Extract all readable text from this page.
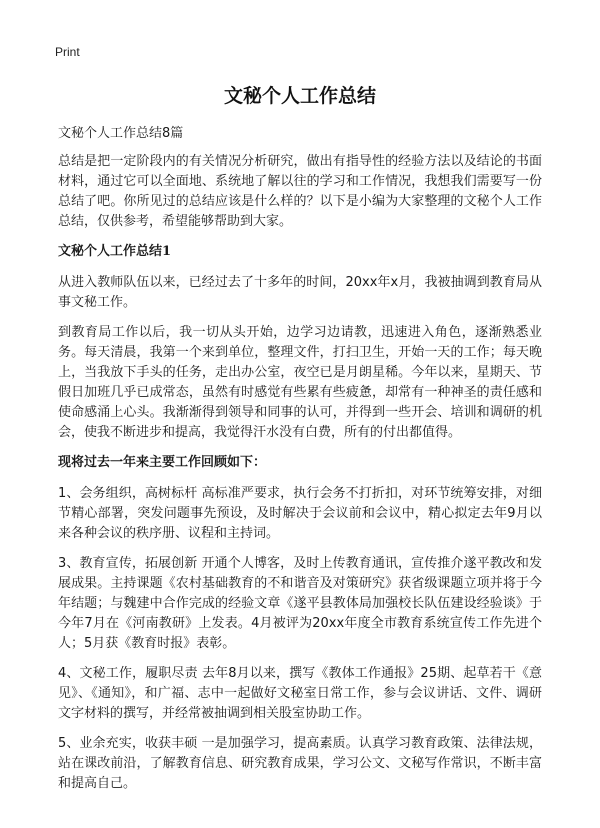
Print
文秘个人工作总结

文秘个人工作总结8篇

总结是把一定阶段内的有关情况分析研究，做出有指导性的经验方法以及结论的书面材料，通过它可以全面地、系统地了解以往的学习和工作情况，我想我们需要写一份总结了吧。你所见过的总结应该是什么样的？以下是小编为大家整理的文秘个人工作总结，仅供参考，希望能够帮助到大家。

文秘个人工作总结1

从进入教师队伍以来，已经过去了十多年的时间，20xx年x月，我被抽调到教育局从事文秘工作。

到教育局工作以后，我一切从头开始，边学习边请教，迅速进入角色，逐渐熟悉业务。每天清晨，我第一个来到单位，整理文件，打扫卫生，开始一天的工作；每天晚上，当我放下手头的任务，走出办公室，夜空已是月朗星稀。今年以来，星期天、节假日加班几乎已成常态，虽然有时感觉有些累有些疲惫，却常有一种神圣的责任感和使命感涌上心头。我渐渐得到领导和同事的认可，并得到一些开会、培训和调研的机会，使我不断进步和提高，我觉得汗水没有白费，所有的付出都值得。

现将过去一年来主要工作回顾如下：

1、会务组织，高树标杆 高标准严要求，执行会务不打折扣，对环节统筹安排，对细节精心部署，突发问题事先预设，及时解决于会议前和会议中，精心拟定去年9月以来各种会议的秩序册、议程和主持词。

3、教育宣传，拓展创新 开通个人博客，及时上传教育通讯，宣传推介遂平教改和发展成果。主持课题《农村基础教育的不和谐音及对策研究》获省级课题立项并将于今年结题；与魏建中合作完成的经验文章《遂平县教体局加强校长队伍建设经验谈》于今年7月在《河南教研》上发表。4月被评为20xx年度全市教育系统宣传工作先进个人；5月获《教育时报》表彰。

4、文秘工作，履职尽责 去年8月以来，撰写《教体工作通报》25期、起草若干《意见》、《通知》，和广福、志中一起做好文秘室日常工作，参与会议讲话、文件、调研文字材料的撰写，并经常被抽调到相关股室协助工作。

5、业余充实，收获丰硕 一是加强学习，提高素质。认真学习教育政策、法律法规，站在课改前沿，了解教育信息、研究教育成果，学习公文、文秘写作常识，不断丰富和提高自己。
